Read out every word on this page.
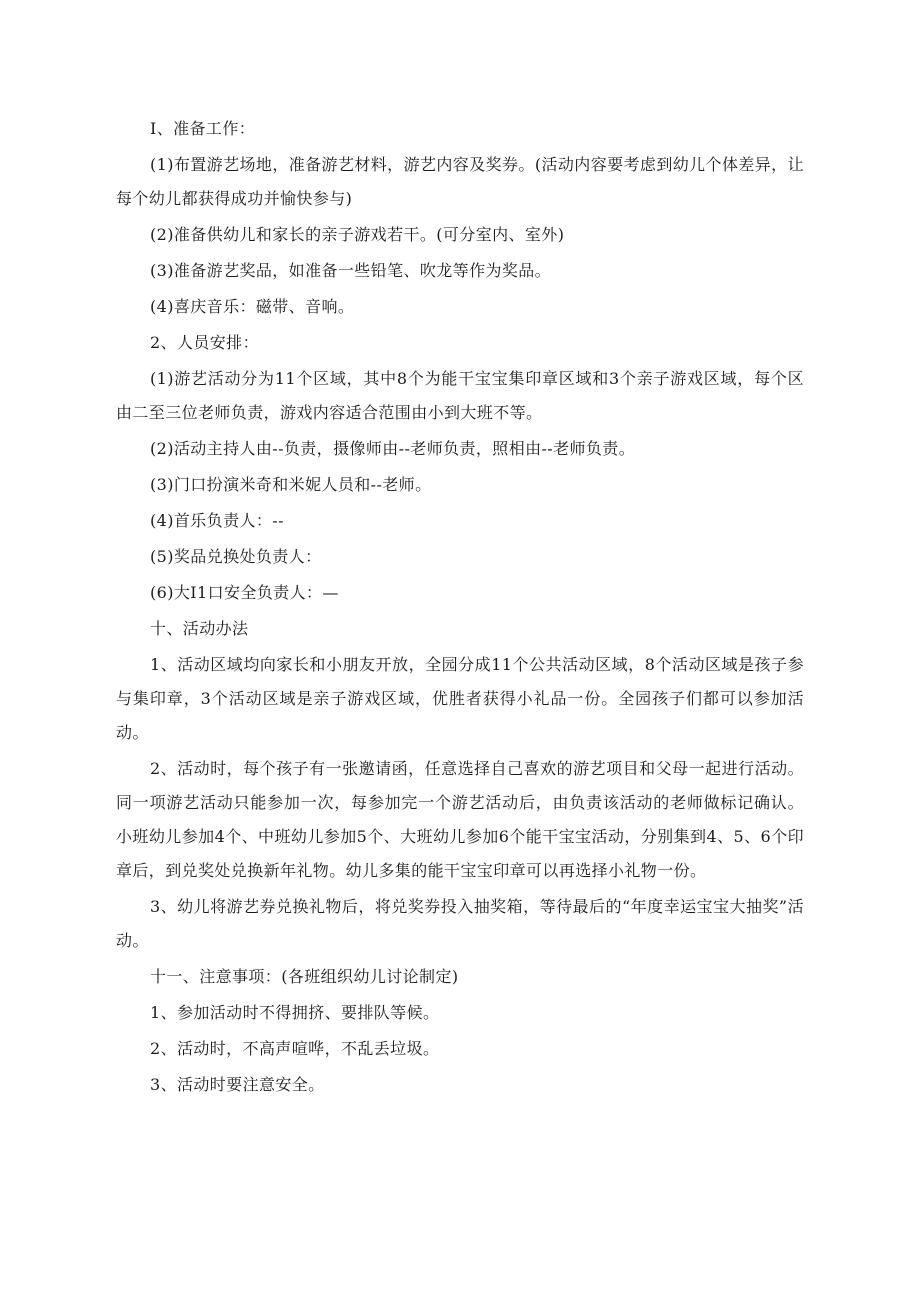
I、准备工作：

(1)布置游艺场地，准备游艺材料，游艺内容及奖券。(活动内容要考虑到幼儿个体差异，让每个幼儿都获得成功并愉快参与)

(2)准备供幼儿和家长的亲子游戏若干。(可分室内、室外)

(3)准备游艺奖品，如准备一些铅笔、吹龙等作为奖品。

(4)喜庆音乐：磁带、音响。

2、人员安排：

(1)游艺活动分为11个区域，其中8个为能干宝宝集印章区域和3个亲子游戏区域，每个区由二至三位老师负责，游戏内容适合范围由小到大班不等。

(2)活动主持人由--负责，摄像师由--老师负责，照相由--老师负责。

(3)门口扮演米奇和米妮人员和--老师。

(4)首乐负责人：--

(5)奖品兑换处负责人：

(6)大I1口安全负责人：—

十、活动办法

1、活动区域均向家长和小朋友开放，全园分成11个公共活动区域，8个活动区域是孩子参与集印章，3个活动区域是亲子游戏区域，优胜者获得小礼品一份。全园孩子们都可以参加活动。

2、活动时，每个孩子有一张邀请函，任意选择自己喜欢的游艺项目和父母一起进行活动。同一项游艺活动只能参加一次，每参加完一个游艺活动后，由负责该活动的老师做标记确认。小班幼儿参加4个、中班幼儿参加5个、大班幼儿参加6个能干宝宝活动，分别集到4、5、6个印章后，到兑奖处兑换新年礼物。幼儿多集的能干宝宝印章可以再选择小礼物一份。

3、幼儿将游艺券兑换礼物后，将兑奖券投入抽奖箱，等待最后的“年度幸运宝宝大抽奖”活动。

十一、注意事项：(各班组织幼儿讨论制定)

1、参加活动时不得拥挤、要排队等候。

2、活动时，不高声喧哗，不乱丢垃圾。

3、活动时要注意安全。
